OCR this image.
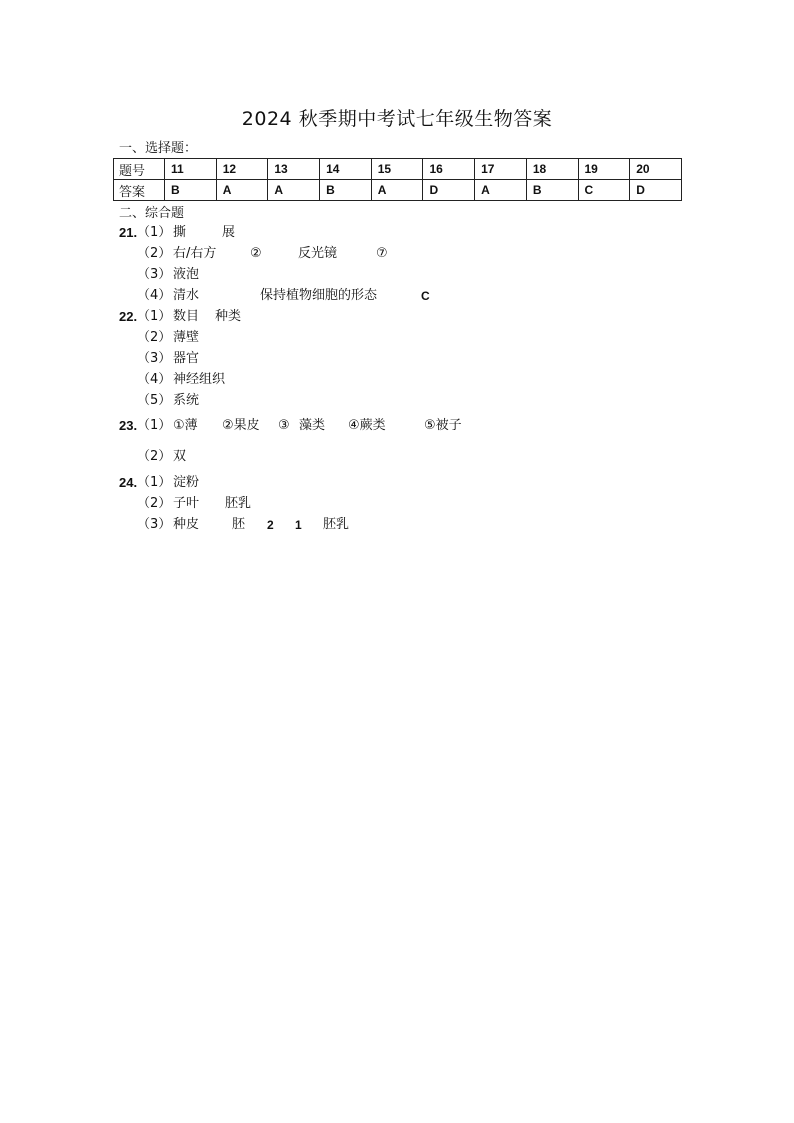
2024 秋季期中考试七年级生物答案
一、选择题：
题号	11	12	13	14	15	16	17	18	19	20
答案	B	A	A	B	A	D	A	B	C	D
二、综合题
21. （1） 撕	展
（2） 右/右方	②	反光镜	⑦
（3） 液泡
（4） 清水	保持植物细胞的形态	C
22. （1） 数目 种类
（2） 薄壁
（3） 器官
（4） 神经组织
（5） 系统
23. （1） ①薄 ②果皮 ③ 藻类 ④蕨类	⑤被子
（2） 双
24. （1） 淀粉
（2） 子叶 胚乳
（3） 种皮	胚 2 1 胚乳
